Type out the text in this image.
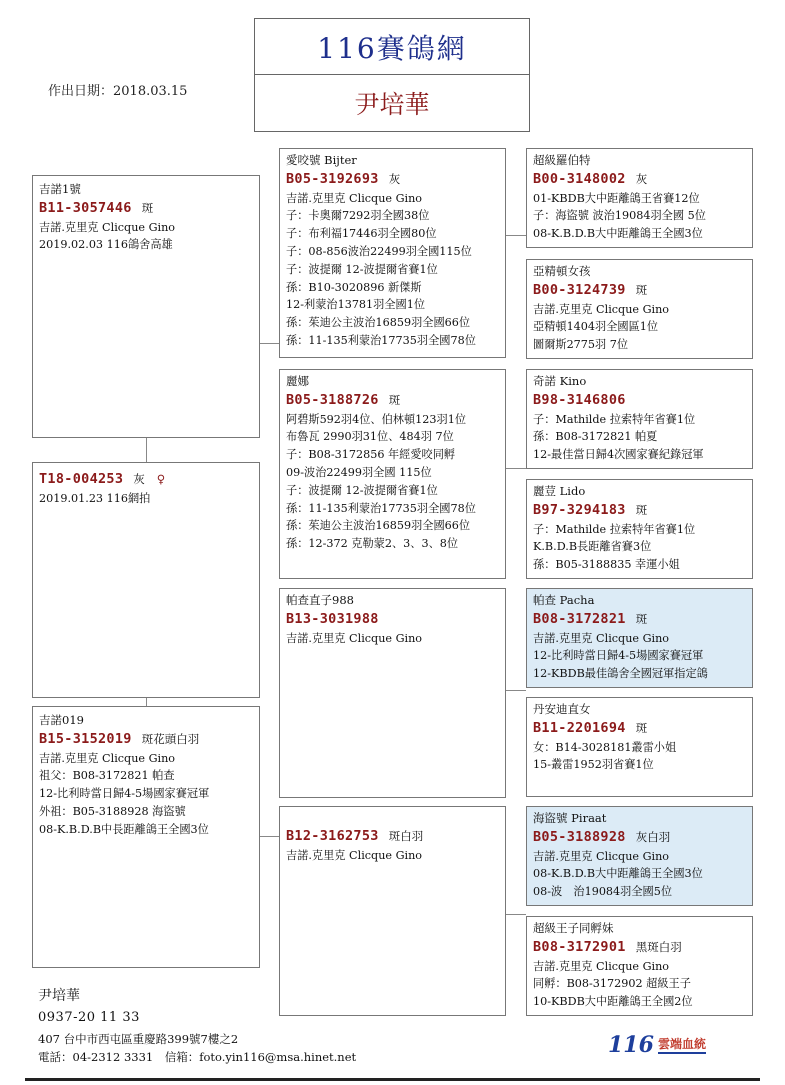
116賽鴿網
尹培華
作出日期：2018.03.15
吉諾1號
B11-3057446 斑
吉諾.克里克 Clicque Gino
2019.02.03 116鴿舍高雄
T18-004253 灰 ♀
2019.01.23 116網拍
吉諾019
B15-3152019 斑花頭白羽
吉諾.克里克 Clicque Gino
祖父：B08-3172821 帕查
12-比利時當日歸4-5場國家賽冠軍
外祖：B05-3188928 海盜號
08-K.B.D.B中長距離鴿王全國3位
愛咬號 Bijter
B05-3192693 灰
吉諾.克里克 Clicque Gino
子：卡奧爾7292羽全國38位
子：布利福17446羽全國80位
子：08-856波治22499羽全國115位
子：波提爾 12-波提爾省賽1位
孫：B10-3020896 新傑斯
12-利蒙治13781羽全國1位
孫：茱迪公主波治16859羽全國66位
孫：11-135利蒙治17735羽全國78位
麗娜
B05-3188726 斑
阿碧斯592羽4位、伯林頓123羽1位
布魯瓦 2990羽31位、484羽 7位
子：B08-3172856 年經愛咬同孵
09-波治22499羽全國 115位
子：波提爾 12-波提爾省賽1位
孫：11-135利蒙治17735羽全國78位
孫：茱迪公主波治16859羽全國66位
孫：12-372 克勒蒙2、3、3、8位
帕查直子988
B13-3031988
吉諾.克里克 Clicque Gino
B12-3162753 斑白羽
吉諾.克里克 Clicque Gino
超級羅伯特
B00-3148002 灰
01-KBDB大中距離鴿王省賽12位
子：海盜號 波治19084羽全國 5位
08-K.B.D.B大中距離鴿王全國3位
亞精頓女孩
B00-3124739 斑
吉諾.克里克 Clicque Gino
亞精頓1404羽全國區1位
圖爾斯2775羽 7位
奇諾 Kino
B98-3146806
子：Mathilde 拉索特年省賽1位
孫：B08-3172821 帕夏
12-最佳當日歸4次國家賽紀錄冠軍
麗荳 Lido
B97-3294183 斑
子：Mathilde 拉索特年省賽1位
K.B.D.B長距離省賽3位
孫：B05-3188835 幸運小姐
帕查 Pacha
B08-3172821 斑
吉諾.克里克 Clicque Gino
12-比利時當日歸4-5場國家賽冠軍
12-KBDB最佳鴿舍全國冠軍指定鴿
丹安迪直女
B11-2201694 斑
女：B14-3028181叢雷小姐
15-叢雷1952羽省賽1位
海盜號 Piraat
B05-3188928 灰白羽
吉諾.克里克 Clicque Gino
08-K.B.D.B大中距離鴿王全國3位
08-波　治19084羽全國5位
超級王子同孵妹
B08-3172901 黑斑白羽
吉諾.克里克 Clicque Gino
同孵：B08-3172902 超級王子
10-KBDB大中距離鴿王全國2位
尹培華
0937-20 11 33
407 台中市西屯區重慶路399號7樓之2
電話：04-2312 3331　信箱：foto.yin116@msa.hinet.net	116 雲端血統
